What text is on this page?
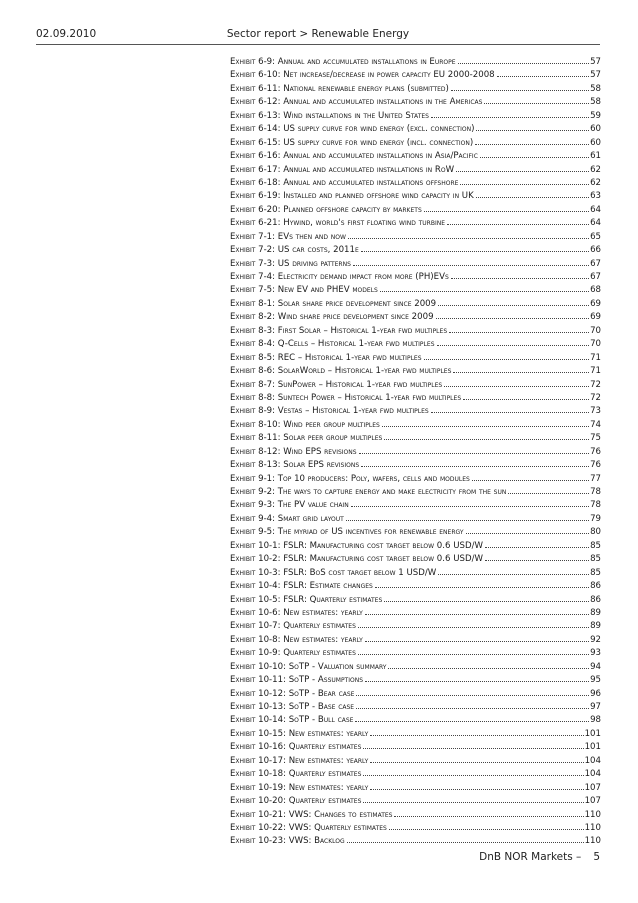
02.09.2010	Sector report > Renewable Energy
Exhibit 6-9: Annual and accumulated installations in Europe	57
Exhibit 6-10: Net increase/decrease in power capacity EU 2000-2008	57
Exhibit 6-11: National renewable energy plans (submitted)	58
Exhibit 6-12: Annual and accumulated installations in the Americas	58
Exhibit 6-13: Wind installations in the United States	59
Exhibit 6-14: US supply curve for wind energy (excl. connection)	60
Exhibit 6-15: US supply curve for wind energy (incl. connection)	60
Exhibit 6-16: Annual and accumulated installations in Asia/Pacific	61
Exhibit 6-17: Annual and accumulated installations in RoW	62
Exhibit 6-18: Annual and accumulated installations offshore	62
Exhibit 6-19: Installed and planned offshore wind capacity in UK	63
Exhibit 6-20: Planned offshore capacity by markets	64
Exhibit 6-21: Hywind, world's first floating wind turbine	64
Exhibit 7-1: EVs then and now	65
Exhibit 7-2: US car costs, 2011e	66
Exhibit 7-3: US driving patterns	67
Exhibit 7-4: Electricity demand impact from more (PH)EVs	67
Exhibit 7-5: New EV and PHEV models	68
Exhibit 8-1: Solar share price development since 2009	69
Exhibit 8-2: Wind share price development since 2009	69
Exhibit 8-3: First Solar – Historical 1-year fwd multiples	70
Exhibit 8-4: Q-Cells – Historical 1-year fwd multiples	70
Exhibit 8-5: REC – Historical 1-year fwd multiples	71
Exhibit 8-6: SolarWorld – Historical 1-year fwd multiples	71
Exhibit 8-7: SunPower – Historical 1-year fwd multiples	72
Exhibit 8-8: Suntech Power – Historical 1-year fwd multiples	72
Exhibit 8-9: Vestas – Historical 1-year fwd multiples	73
Exhibit 8-10: Wind peer group multiples	74
Exhibit 8-11: Solar peer group multiples	75
Exhibit 8-12: Wind EPS revisions	76
Exhibit 8-13: Solar EPS revisions	76
Exhibit 9-1: Top 10 producers: Poly, wafers, cells and modules	77
Exhibit 9-2: The ways to capture energy and make electricity from the sun	78
Exhibit 9-3: The PV value chain	78
Exhibit 9-4: Smart grid layout	79
Exhibit 9-5: The myriad of US incentives for renewable energy	80
Exhibit 10-1: FSLR: Manufacturing cost target below 0.6 USD/W	85
Exhibit 10-2: FSLR: Manufacturing cost target below 0.6 USD/W	85
Exhibit 10-3: FSLR: BoS cost target below 1 USD/W	85
Exhibit 10-4: FSLR: Estimate changes	86
Exhibit 10-5: FSLR: Quarterly estimates	86
Exhibit 10-6: New estimates: yearly	89
Exhibit 10-7: Quarterly estimates	89
Exhibit 10-8: New estimates: yearly	92
Exhibit 10-9: Quarterly estimates	93
Exhibit 10-10: SoTP - Valuation summary	94
Exhibit 10-11: SoTP - Assumptions	95
Exhibit 10-12: SoTP - Bear case	96
Exhibit 10-13: SoTP - Base case	97
Exhibit 10-14: SoTP - Bull case	98
Exhibit 10-15: New estimates: yearly	101
Exhibit 10-16: Quarterly estimates	101
Exhibit 10-17: New estimates: yearly	104
Exhibit 10-18: Quarterly estimates	104
Exhibit 10-19: New estimates: yearly	107
Exhibit 10-20: Quarterly estimates	107
Exhibit 10-21: VWS: Changes to estimates	110
Exhibit 10-22: VWS: Quarterly estimates	110
Exhibit 10-23: VWS: Backlog	110
DnB NOR Markets – 5
